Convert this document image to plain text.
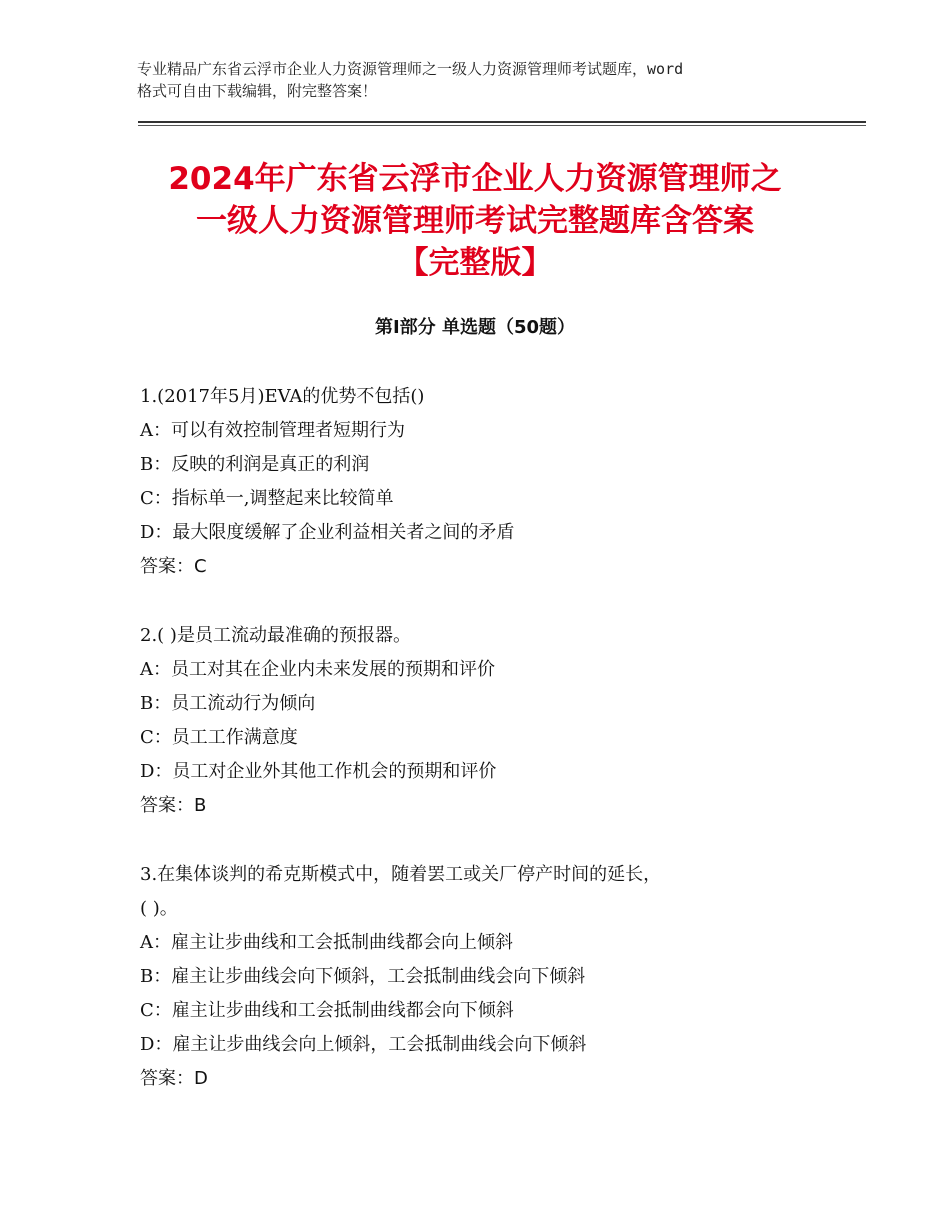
专业精品广东省云浮市企业人力资源管理师之一级人力资源管理师考试题库，word
格式可自由下载编辑，附完整答案！
2024年广东省云浮市企业人力资源管理师之
一级人力资源管理师考试完整题库含答案
【完整版】
第Ⅰ部分 单选题（50题）
1.(2017年5月)EVA的优势不包括()
A：可以有效控制管理者短期行为
B：反映的利润是真正的利润
C：指标单一,调整起来比较简单
D：最大限度缓解了企业利益相关者之间的矛盾
答案：C
2.( )是员工流动最准确的预报器。
A：员工对其在企业内未来发展的预期和评价
B：员工流动行为倾向
C：员工工作满意度
D：员工对企业外其他工作机会的预期和评价
答案：B
3.在集体谈判的希克斯模式中，随着罢工或关厂停产时间的延长，
( )。
A：雇主让步曲线和工会抵制曲线都会向上倾斜
B：雇主让步曲线会向下倾斜，工会抵制曲线会向下倾斜
C：雇主让步曲线和工会抵制曲线都会向下倾斜
D：雇主让步曲线会向上倾斜，工会抵制曲线会向下倾斜
答案：D
